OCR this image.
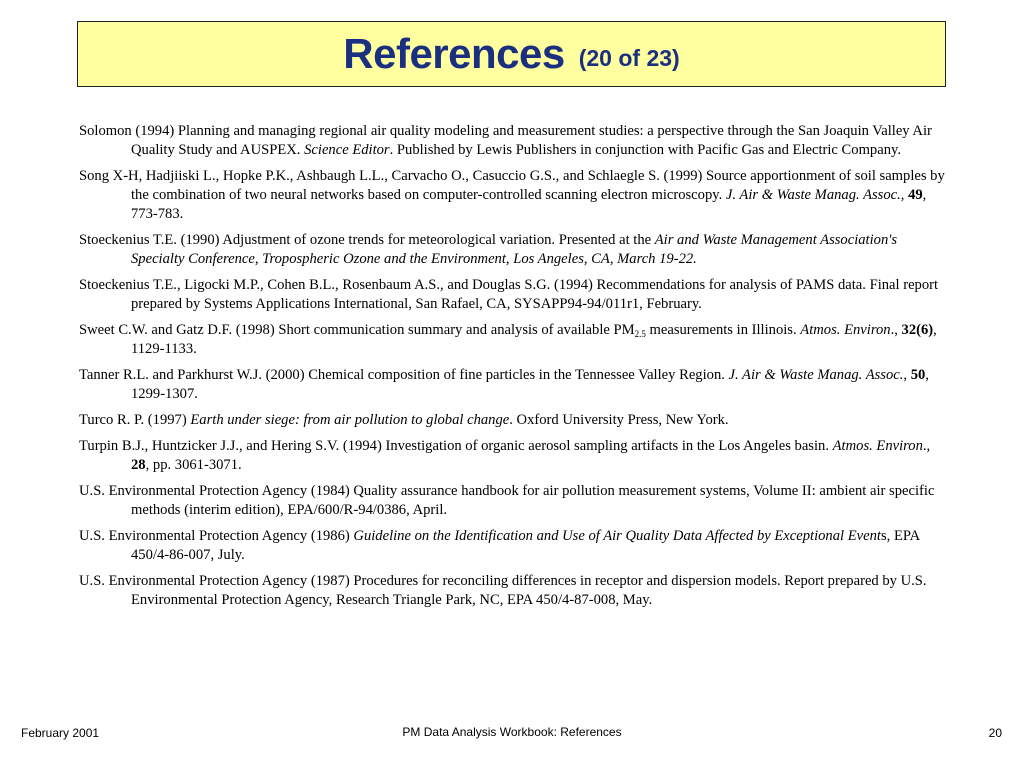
References (20 of 23)

Solomon (1994) Planning and managing regional air quality modeling and measurement studies: a perspective through the San Joaquin Valley Air Quality Study and AUSPEX. Science Editor. Published by Lewis Publishers in conjunction with Pacific Gas and Electric Company.

Song X-H, Hadjiiski L., Hopke P.K., Ashbaugh L.L., Carvacho O., Casuccio G.S., and Schlaegle S. (1999) Source apportionment of soil samples by the combination of two neural networks based on computer-controlled scanning electron microscopy. J. Air & Waste Manag. Assoc., 49, 773-783.

Stoeckenius T.E. (1990) Adjustment of ozone trends for meteorological variation. Presented at the Air and Waste Management Association's Specialty Conference, Tropospheric Ozone and the Environment, Los Angeles, CA, March 19-22.

Stoeckenius T.E., Ligocki M.P., Cohen B.L., Rosenbaum A.S., and Douglas S.G. (1994) Recommendations for analysis of PAMS data. Final report prepared by Systems Applications International, San Rafael, CA, SYSAPP94-94/011r1, February.

Sweet C.W. and Gatz D.F. (1998) Short communication summary and analysis of available $PM_{2.5}$ measurements in Illinois. Atmos. Environ., 32(6), 1129-1133.

Tanner R.L. and Parkhurst W.J. (2000) Chemical composition of fine particles in the Tennessee Valley Region. J. Air & Waste Manag. Assoc., 50, 1299-1307.

Turco R. P. (1997) Earth under siege: from air pollution to global change. Oxford University Press, New York.

Turpin B.J., Huntzicker J.J., and Hering S.V. (1994) Investigation of organic aerosol sampling artifacts in the Los Angeles basin. Atmos. Environ., 28, pp. 3061-3071.

U.S. Environmental Protection Agency (1984) Quality assurance handbook for air pollution measurement systems, Volume II: ambient air specific methods (interim edition), EPA/600/R-94/0386, April.

U.S. Environmental Protection Agency (1986) Guideline on the Identification and Use of Air Quality Data Affected by Exceptional Events, EPA 450/4-86-007, July.

U.S. Environmental Protection Agency (1987) Procedures for reconciling differences in receptor and dispersion models. Report prepared by U.S. Environmental Protection Agency, Research Triangle Park, NC, EPA 450/4-87-008, May.

February 2001	PM Data Analysis Workbook: References	20
